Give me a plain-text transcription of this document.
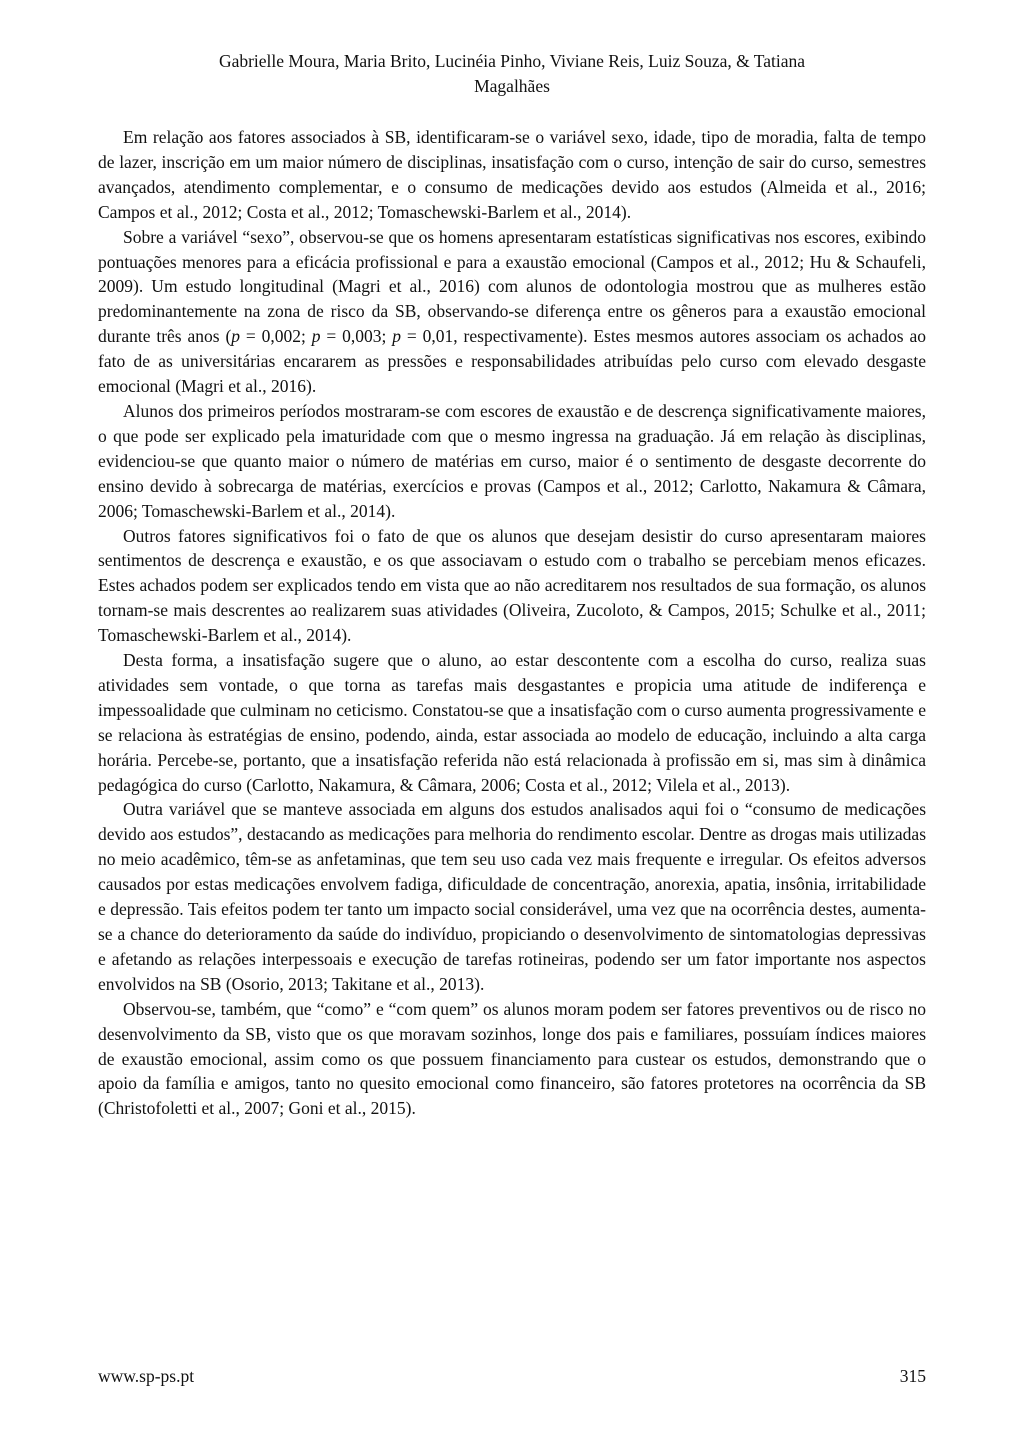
Gabrielle Moura, Maria Brito, Lucinéia Pinho, Viviane Reis, Luiz Souza, & Tatiana
Magalhães

Em relação aos fatores associados à SB, identificaram-se o variável sexo, idade, tipo de moradia, falta de tempo de lazer, inscrição em um maior número de disciplinas, insatisfação com o curso, intenção de sair do curso, semestres avançados, atendimento complementar, e o consumo de medicações devido aos estudos (Almeida et al., 2016; Campos et al., 2012; Costa et al., 2012; Tomaschewski-Barlem et al., 2014).

Sobre a variável “sexo”, observou-se que os homens apresentaram estatísticas significativas nos escores, exibindo pontuações menores para a eficácia profissional e para a exaustão emocional (Campos et al., 2012; Hu & Schaufeli, 2009). Um estudo longitudinal (Magri et al., 2016) com alunos de odontologia mostrou que as mulheres estão predominantemente na zona de risco da SB, observando-se diferença entre os gêneros para a exaustão emocional durante três anos (p = 0,002; p = 0,003; p = 0,01, respectivamente). Estes mesmos autores associam os achados ao fato de as universitárias encararem as pressões e responsabilidades atribuídas pelo curso com elevado desgaste emocional (Magri et al., 2016).

Alunos dos primeiros períodos mostraram-se com escores de exaustão e de descrença significativamente maiores, o que pode ser explicado pela imaturidade com que o mesmo ingressa na graduação. Já em relação às disciplinas, evidenciou-se que quanto maior o número de matérias em curso, maior é o sentimento de desgaste decorrente do ensino devido à sobrecarga de matérias, exercícios e provas (Campos et al., 2012; Carlotto, Nakamura & Câmara, 2006; Tomaschewski-Barlem et al., 2014).

Outros fatores significativos foi o fato de que os alunos que desejam desistir do curso apresentaram maiores sentimentos de descrença e exaustão, e os que associavam o estudo com o trabalho se percebiam menos eficazes. Estes achados podem ser explicados tendo em vista que ao não acreditarem nos resultados de sua formação, os alunos tornam-se mais descrentes ao realizarem suas atividades (Oliveira, Zucoloto, & Campos, 2015; Schulke et al., 2011; Tomaschewski-Barlem et al., 2014).

Desta forma, a insatisfação sugere que o aluno, ao estar descontente com a escolha do curso, realiza suas atividades sem vontade, o que torna as tarefas mais desgastantes e propicia uma atitude de indiferença e impessoalidade que culminam no ceticismo. Constatou-se que a insatisfação com o curso aumenta progressivamente e se relaciona às estratégias de ensino, podendo, ainda, estar associada ao modelo de educação, incluindo a alta carga horária. Percebe-se, portanto, que a insatisfação referida não está relacionada à profissão em si, mas sim à dinâmica pedagógica do curso (Carlotto, Nakamura, & Câmara, 2006; Costa et al., 2012; Vilela et al., 2013).

Outra variável que se manteve associada em alguns dos estudos analisados aqui foi o “consumo de medicações devido aos estudos”, destacando as medicações para melhoria do rendimento escolar. Dentre as drogas mais utilizadas no meio acadêmico, têm-se as anfetaminas, que tem seu uso cada vez mais frequente e irregular. Os efeitos adversos causados por estas medicações envolvem fadiga, dificuldade de concentração, anorexia, apatia, insônia, irritabilidade e depressão. Tais efeitos podem ter tanto um impacto social considerável, uma vez que na ocorrência destes, aumenta-se a chance do deterioramento da saúde do indivíduo, propiciando o desenvolvimento de sintomatologias depressivas e afetando as relações interpessoais e execução de tarefas rotineiras, podendo ser um fator importante nos aspectos envolvidos na SB (Osorio, 2013; Takitane et al., 2013).

Observou-se, também, que “como” e “com quem” os alunos moram podem ser fatores preventivos ou de risco no desenvolvimento da SB, visto que os que moravam sozinhos, longe dos pais e familiares, possuíam índices maiores de exaustão emocional, assim como os que possuem financiamento para custear os estudos, demonstrando que o apoio da família e amigos, tanto no quesito emocional como financeiro, são fatores protetores na ocorrência da SB (Christofoletti et al., 2007; Goni et al., 2015).

www.sp-ps.pt	315
